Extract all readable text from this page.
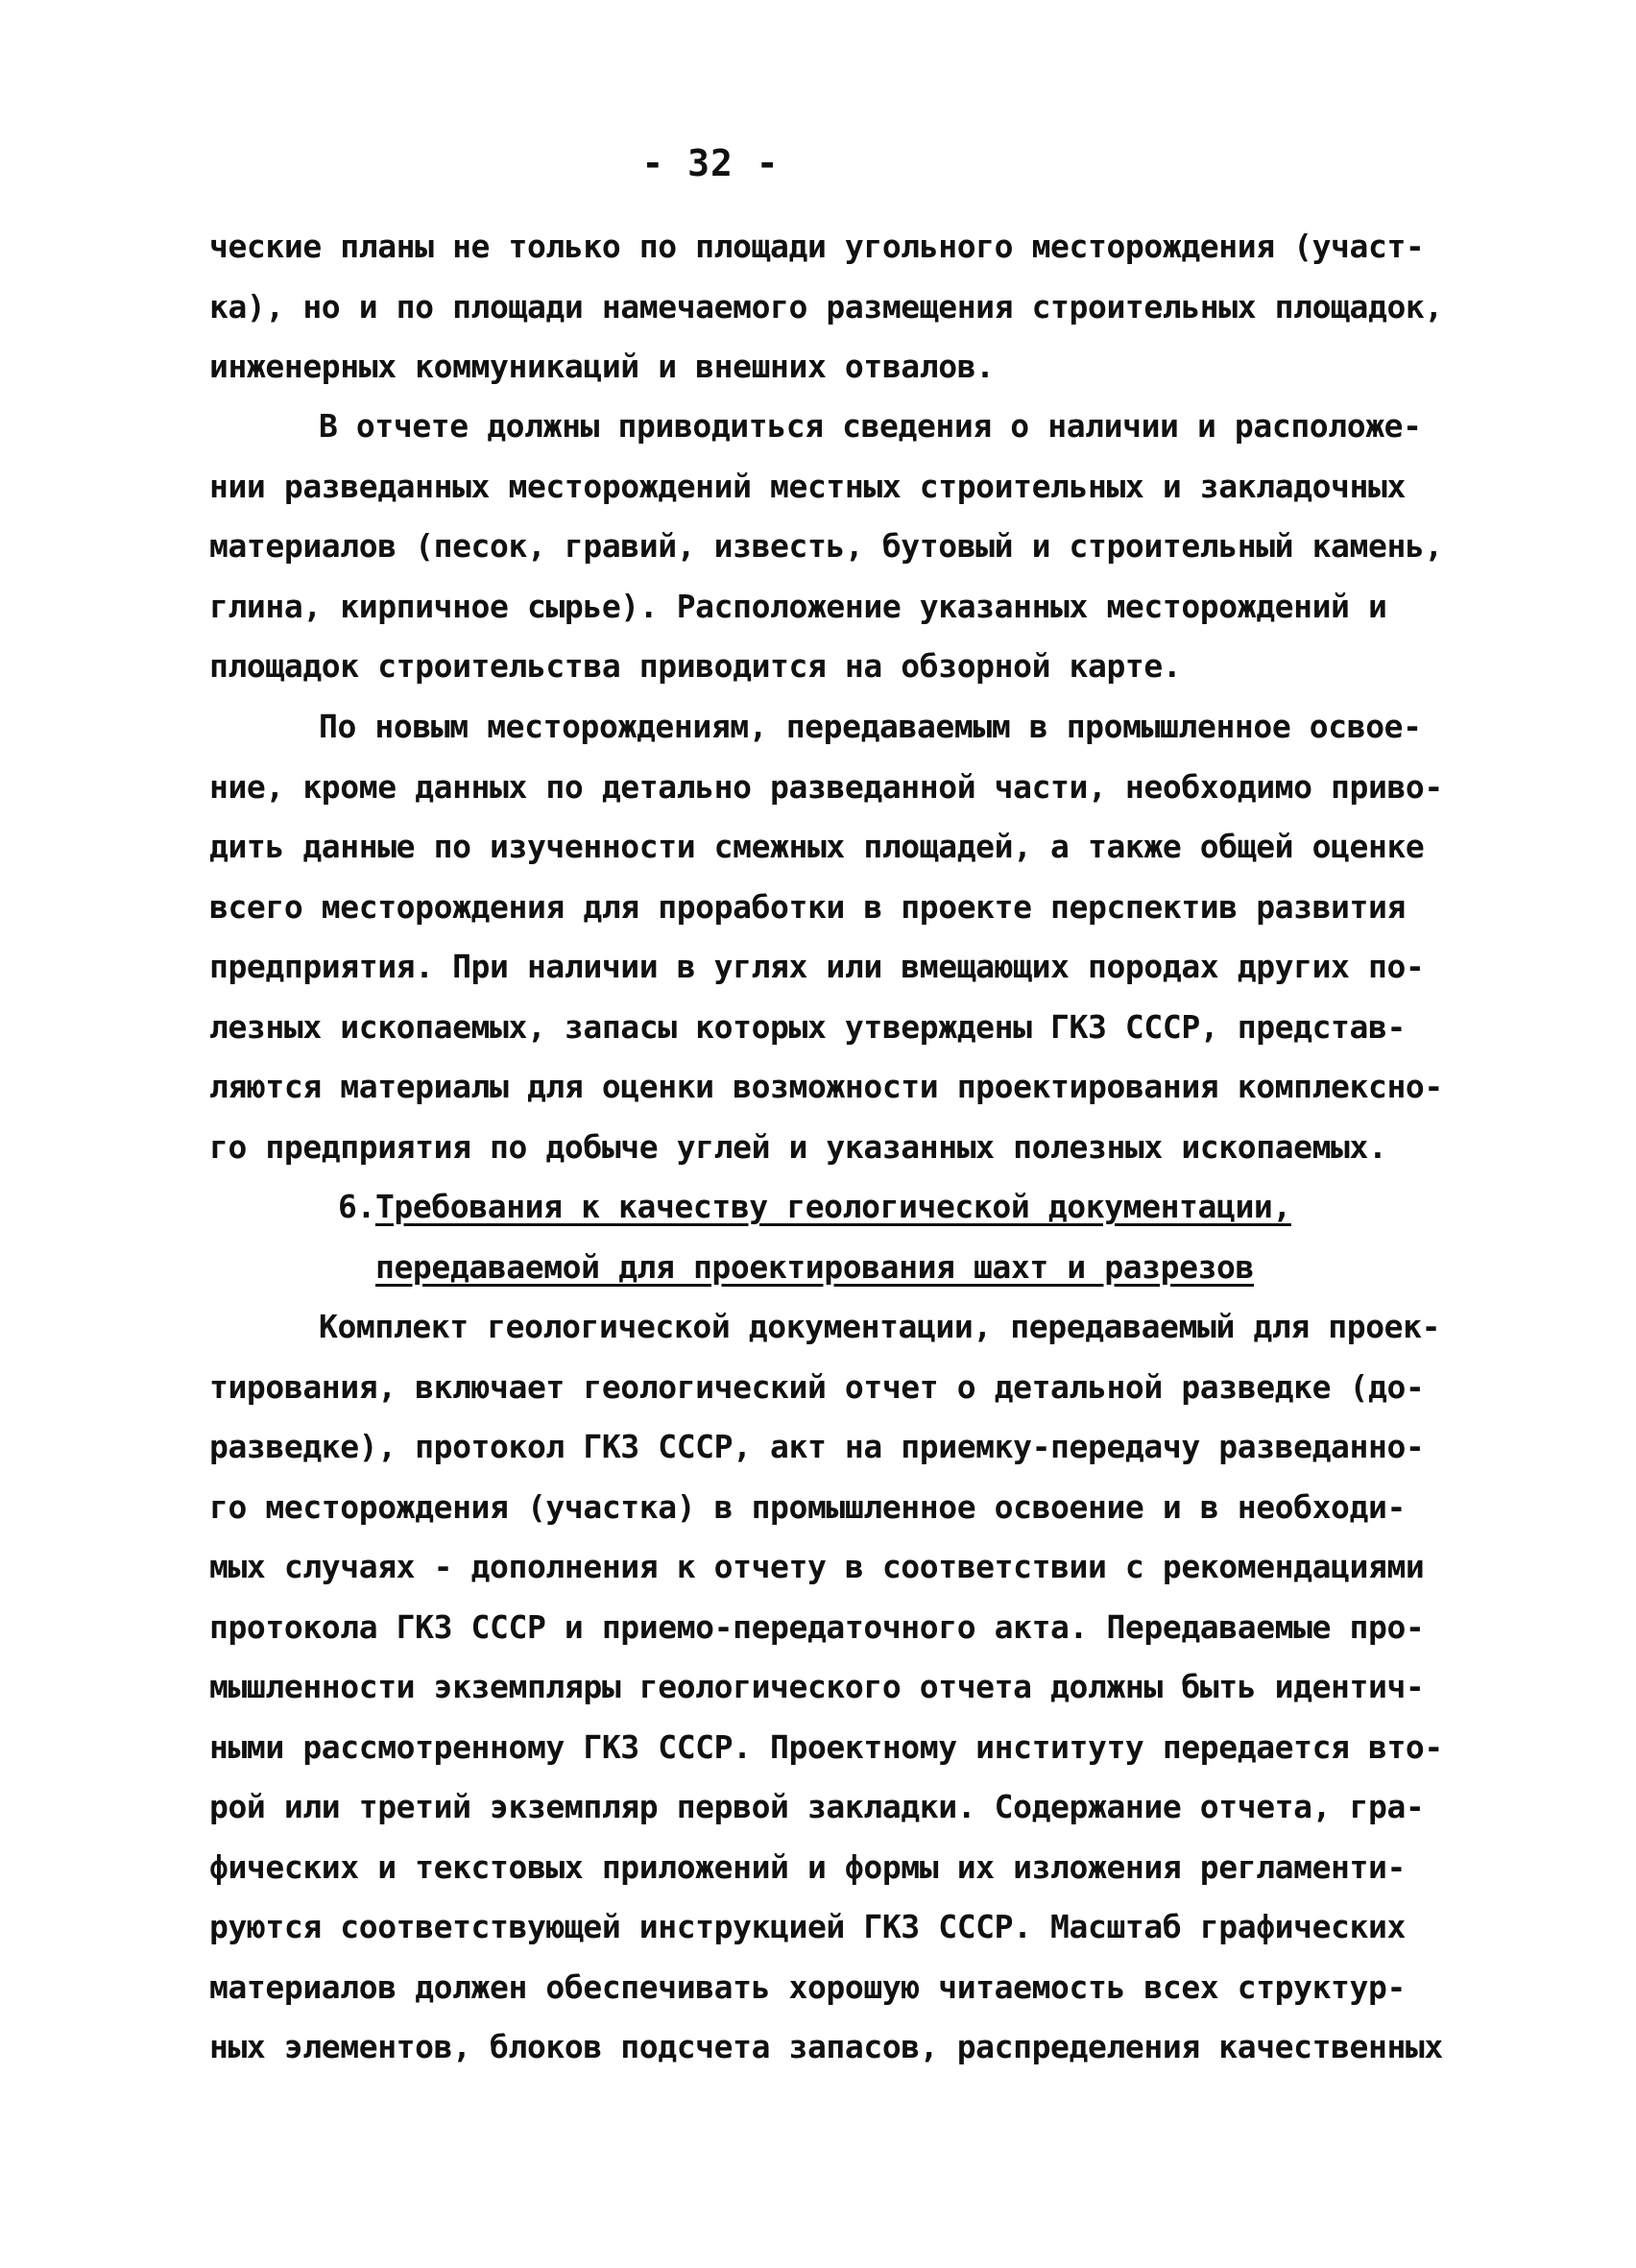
- 32 -
ческие планы не только по площади угольного месторождения (участ-
ка), но и по площади намечаемого размещения строительных площадок,
инженерных коммуникаций и внешних отвалов.
В отчете должны приводиться сведения о наличии и расположе-
нии разведанных месторождений местных строительных и закладочных
материалов (песок, гравий, известь, бутовый и строительный камень,
глина, кирпичное сырье). Расположение указанных месторождений и
площадок строительства приводится на обзорной карте.
По новым месторождениям, передаваемым в промышленное освое-
ние, кроме данных по детально разведанной части, необходимо приво-
дить данные по изученности смежных площадей, а также общей оценке
всего месторождения для проработки в проекте перспектив развития
предприятия. При наличии в углях или вмещающих породах других по-
лезных ископаемых, запасы которых утверждены ГКЗ СССР, представ-
ляются материалы для оценки возможности проектирования комплексно-
го предприятия по добыче углей и указанных полезных ископаемых.
6.Требования к качеству геологической документации,
передаваемой для проектирования шахт и разрезов
Комплект геологической документации, передаваемый для проек-
тирования, включает геологический отчет о детальной разведке (до-
разведке), протокол ГКЗ СССР, акт на приемку-передачу разведанно-
го месторождения (участка) в промышленное освоение и в необходи-
мых случаях - дополнения к отчету в соответствии с рекомендациями
протокола ГКЗ СССР и приемо-передаточного акта. Передаваемые про-
мышленности экземпляры геологического отчета должны быть идентич-
ными рассмотренному ГКЗ СССР. Проектному институту передается вто-
рой или третий экземпляр первой закладки. Содержание отчета, гра-
фических и текстовых приложений и формы их изложения регламенти-
руются соответствующей инструкцией ГКЗ СССР. Масштаб графических
материалов должен обеспечивать хорошую читаемость всех структур-
ных элементов, блоков подсчета запасов, распределения качественных
